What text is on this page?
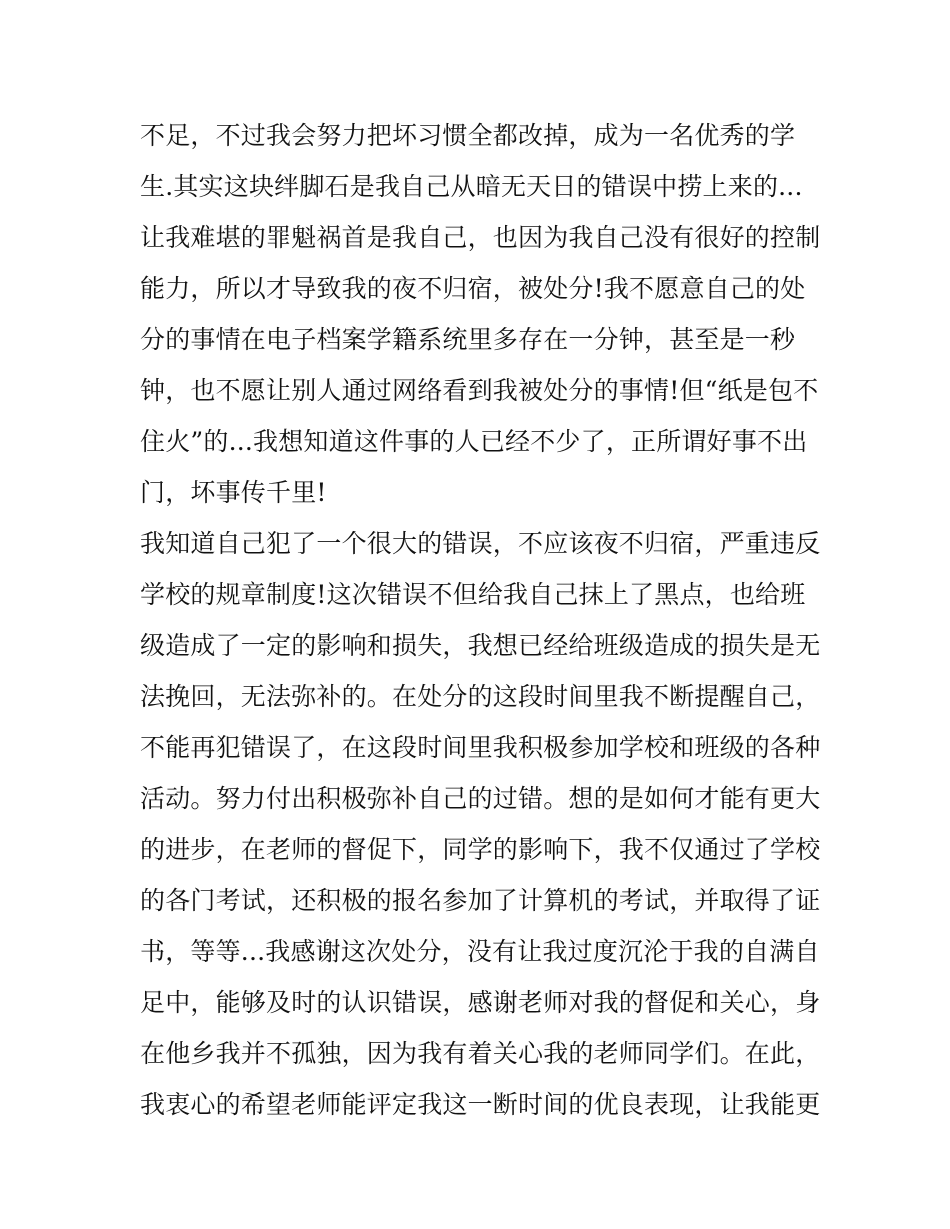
不足，不过我会努力把坏习惯全都改掉，成为一名优秀的学
生.其实这块绊脚石是我自己从暗无天日的错误中捞上来的...
让我难堪的罪魁祸首是我自己，也因为我自己没有很好的控制
能力，所以才导致我的夜不归宿，被处分!我不愿意自己的处
分的事情在电子档案学籍系统里多存在一分钟，甚至是一秒
钟，也不愿让别人通过网络看到我被处分的事情!但“纸是包不
住火”的...我想知道这件事的人已经不少了，正所谓好事不出
门，坏事传千里!
我知道自己犯了一个很大的错误，不应该夜不归宿，严重违反
学校的规章制度!这次错误不但给我自己抹上了黑点，也给班
级造成了一定的影响和损失，我想已经给班级造成的损失是无
法挽回，无法弥补的。在处分的这段时间里我不断提醒自己，
不能再犯错误了，在这段时间里我积极参加学校和班级的各种
活动。努力付出积极弥补自己的过错。想的是如何才能有更大
的进步，在老师的督促下，同学的影响下，我不仅通过了学校
的各门考试，还积极的报名参加了计算机的考试，并取得了证
书，等等...我感谢这次处分，没有让我过度沉沦于我的自满自
足中，能够及时的认识错误，感谢老师对我的督促和关心，身
在他乡我并不孤独，因为我有着关心我的老师同学们。在此，
我衷心的希望老师能评定我这一断时间的优良表现，让我能更
